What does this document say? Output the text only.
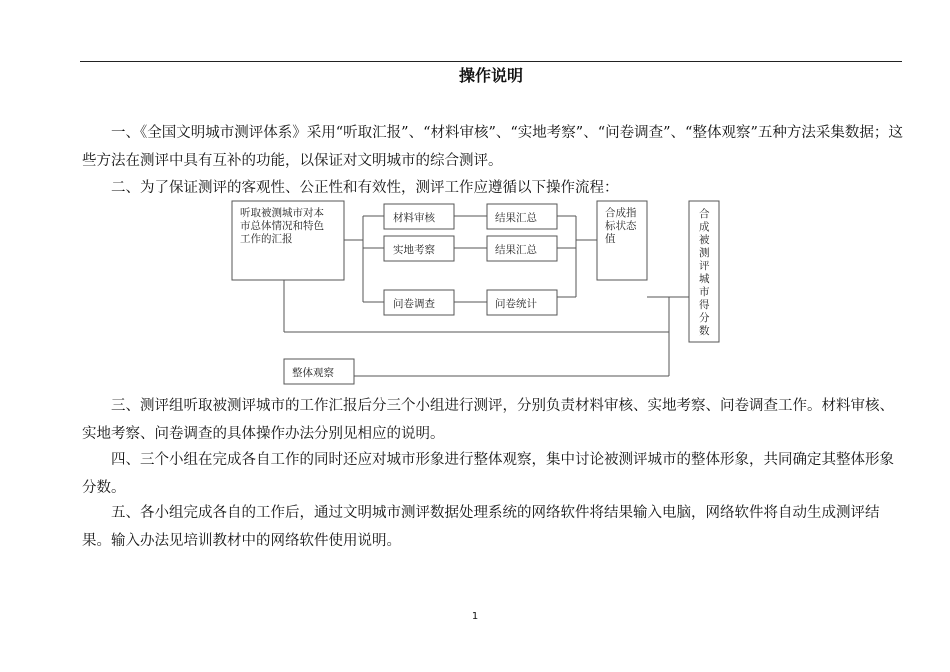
操作说明

一、《全国文明城市测评体系》采用“听取汇报”、“材料审核”、“实地考察”、“问卷调查”、“整体观察”五种方法采集数据；这些方法在测评中具有互补的功能，以保证对文明城市的综合测评。

二、为了保证测评的客观性、公正性和有效性，测评工作应遵循以下操作流程：

听取被测城市对本
市总体情况和特色
工作的汇报
材料审核
实地考察
问卷调查
结果汇总
结果汇总
问卷统计
合成指
标状态
值
合
成
被
测
评
城
市
得
分
数
整体观察

三、测评组听取被测评城市的工作汇报后分三个小组进行测评，分别负责材料审核、实地考察、问卷调查工作。材料审核、实地考察、问卷调查的具体操作办法分别见相应的说明。

四、三个小组在完成各自工作的同时还应对城市形象进行整体观察，集中讨论被测评城市的整体形象，共同确定其整体形象分数。

五、各小组完成各自的工作后，通过文明城市测评数据处理系统的网络软件将结果输入电脑，网络软件将自动生成测评结果。输入办法见培训教材中的网络软件使用说明。

1
